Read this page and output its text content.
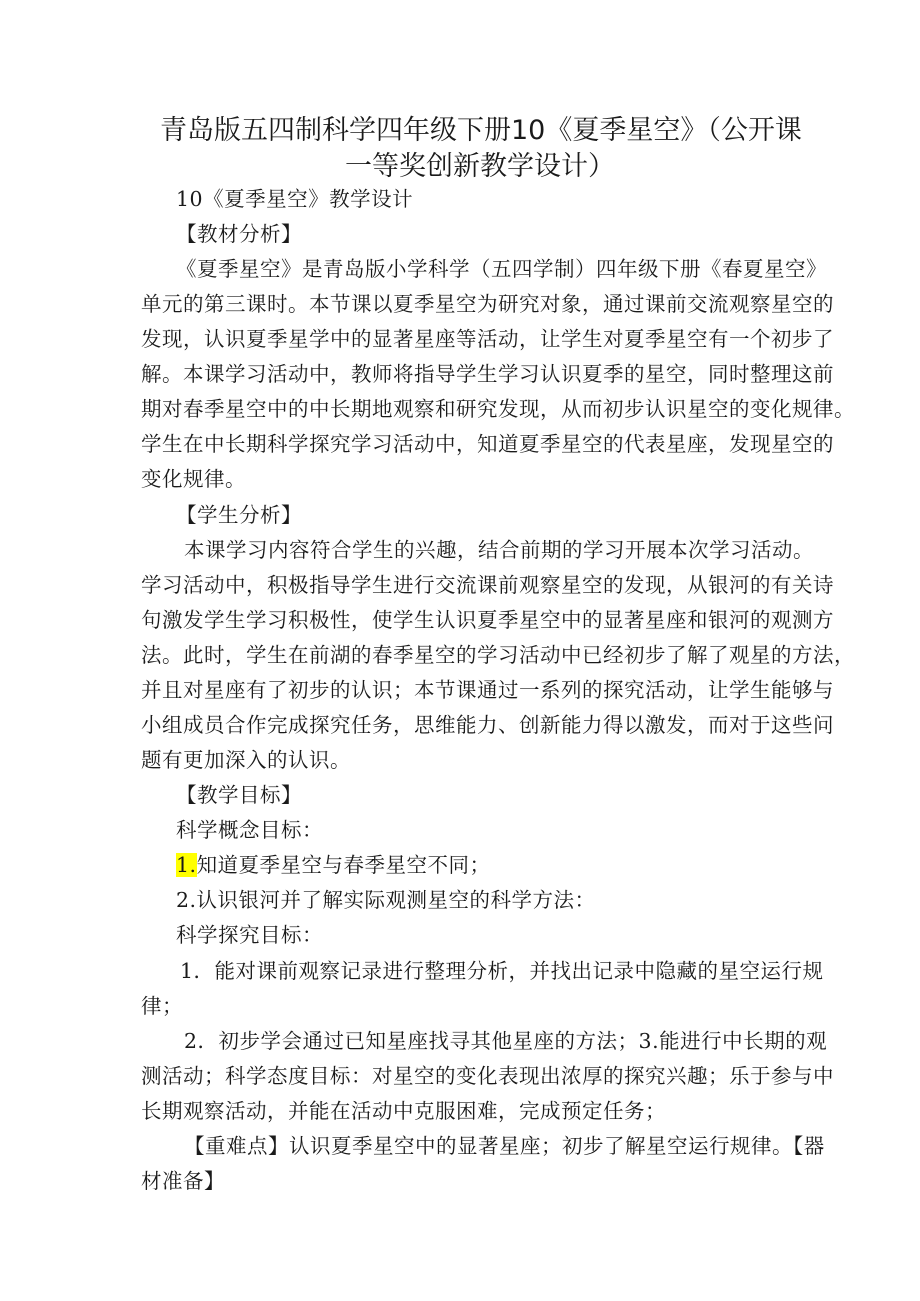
青岛版五四制科学四年级下册10《夏季星空》（公开课
一等奖创新教学设计）
10《夏季星空》教学设计
【教材分析】
《夏季星空》是青岛版小学科学（五四学制）四年级下册《春夏星空》
单元的第三课时。本节课以夏季星空为研究对象，通过课前交流观察星空的
发现，认识夏季星学中的显著星座等活动，让学生对夏季星空有一个初步了
解。本课学习活动中，教师将指导学生学习认识夏季的星空，同时整理这前
期对春季星空中的中长期地观察和研究发现，从而初步认识星空的变化规律。
学生在中长期科学探究学习活动中，知道夏季星空的代表星座，发现星空的
变化规律。
【学生分析】
本课学习内容符合学生的兴趣，结合前期的学习开展本次学习活动。
学习活动中，积极指导学生进行交流课前观察星空的发现，从银河的有关诗
句激发学生学习积极性，使学生认识夏季星空中的显著星座和银河的观测方
法。此时，学生在前湖的春季星空的学习活动中已经初步了解了观星的方法，
并且对星座有了初步的认识；本节课通过一系列的探究活动，让学生能够与
小组成员合作完成探究任务，思维能力、创新能力得以激发，而对于这些问
题有更加深入的认识。
【教学目标】
科学概念目标：
1.知道夏季星空与春季星空不同；
2.认识银河并了解实际观测星空的科学方法：
科学探究目标：
1．能对课前观察记录进行整理分析，并找出记录中隐藏的星空运行规
律；
2．初步学会通过已知星座找寻其他星座的方法；3.能进行中长期的观
测活动；科学态度目标：对星空的变化表现出浓厚的探究兴趣；乐于参与中
长期观察活动，并能在活动中克服困难，完成预定任务；
【重难点】认识夏季星空中的显著星座；初步了解星空运行规律。【器
材准备】
